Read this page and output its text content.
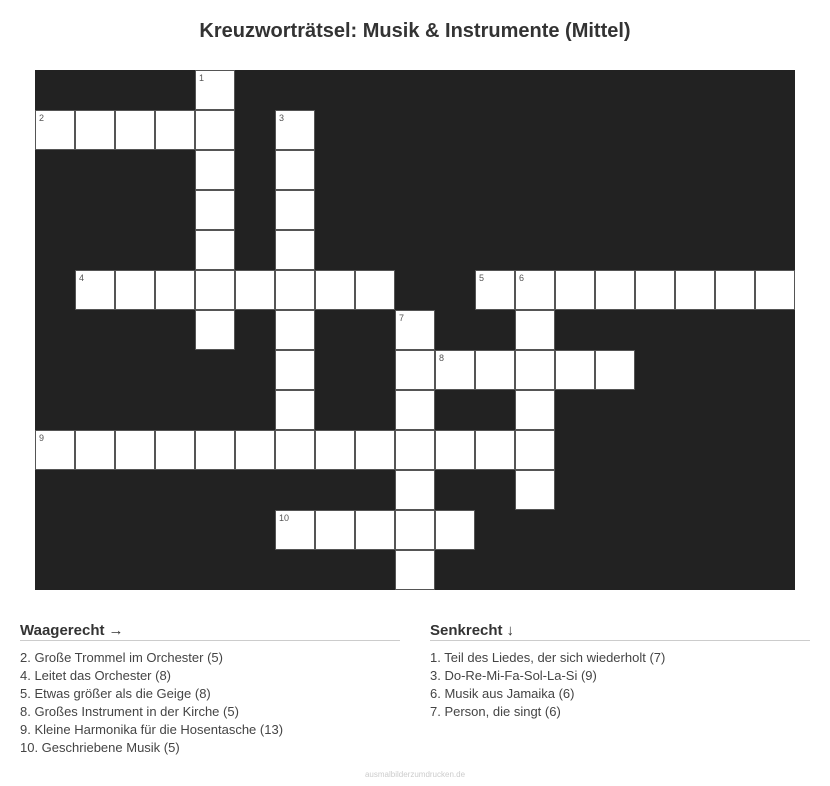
Kreuzworträtsel: Musik & Instrumente (Mittel)
1
2	3
4	5	6
7
8
9
10
Waagerecht →
2. Große Trommel im Orchester (5)
4. Leitet das Orchester (8)
5. Etwas größer als die Geige (8)
8. Großes Instrument in der Kirche (5)
9. Kleine Harmonika für die Hosentasche (13)
10. Geschriebene Musik (5)
Senkrecht ↓
1. Teil des Liedes, der sich wiederholt (7)
3. Do-Re-Mi-Fa-Sol-La-Si (9)
6. Musik aus Jamaika (6)
7. Person, die singt (6)
ausmalbilderzumdrucken.de
